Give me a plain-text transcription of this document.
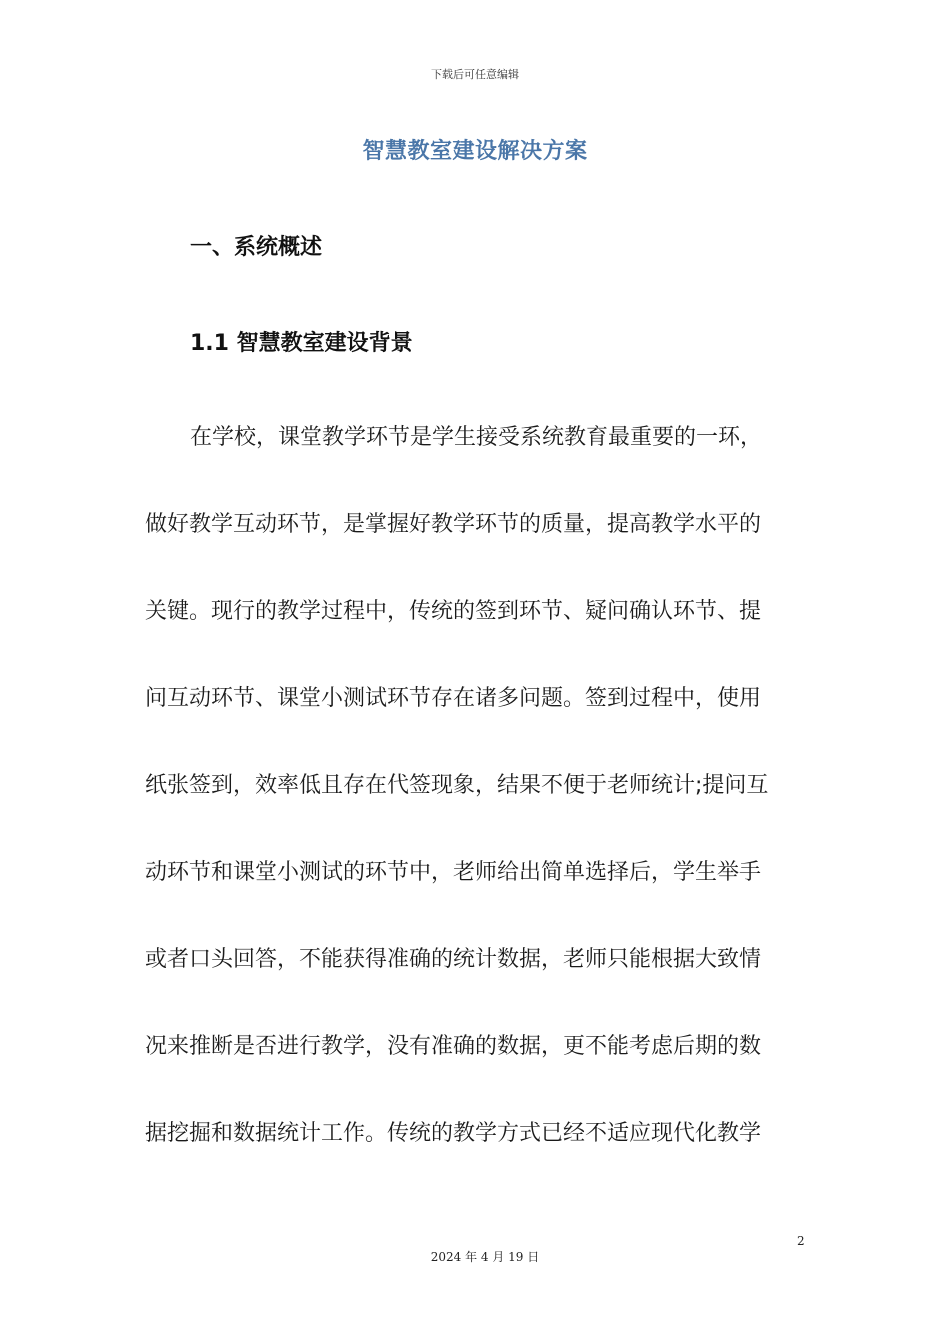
下载后可任意编辑
智慧教室建设解决方案
一、系统概述
1.1 智慧教室建设背景
在学校，课堂教学环节是学生接受系统教育最重要的一环，
做好教学互动环节，是掌握好教学环节的质量，提高教学水平的
关键。现行的教学过程中，传统的签到环节、疑问确认环节、提
问互动环节、课堂小测试环节存在诸多问题。签到过程中，使用
纸张签到，效率低且存在代签现象，结果不便于老师统计;提问互
动环节和课堂小测试的环节中，老师给出简单选择后，学生举手
或者口头回答，不能获得准确的统计数据，老师只能根据大致情
况来推断是否进行教学，没有准确的数据，更不能考虑后期的数
据挖掘和数据统计工作。传统的教学方式已经不适应现代化教学
2
2024 年 4 月 19 日
